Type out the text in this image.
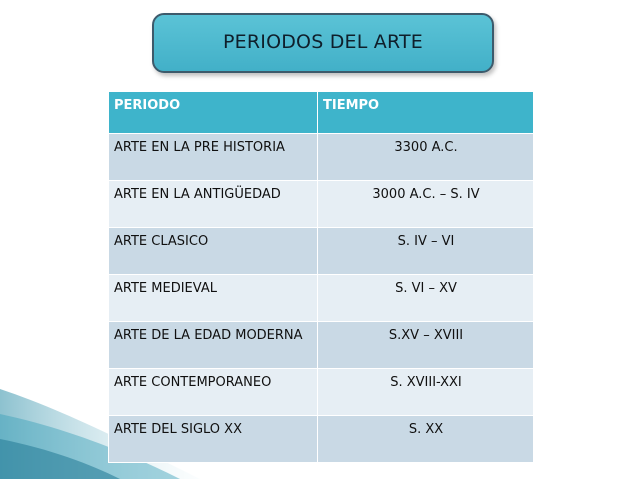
PERIODOS DEL ARTE
PERIODO	TIEMPO
ARTE EN LA PRE HISTORIA	3300 A.C.
ARTE EN LA ANTIGÜEDAD	3000 A.C. – S. IV
ARTE CLASICO	S. IV – VI
ARTE MEDIEVAL	S. VI – XV
ARTE DE LA EDAD MODERNA	S.XV – XVIII
ARTE CONTEMPORANEO	S. XVIII-XXI
ARTE DEL SIGLO XX	S. XX
